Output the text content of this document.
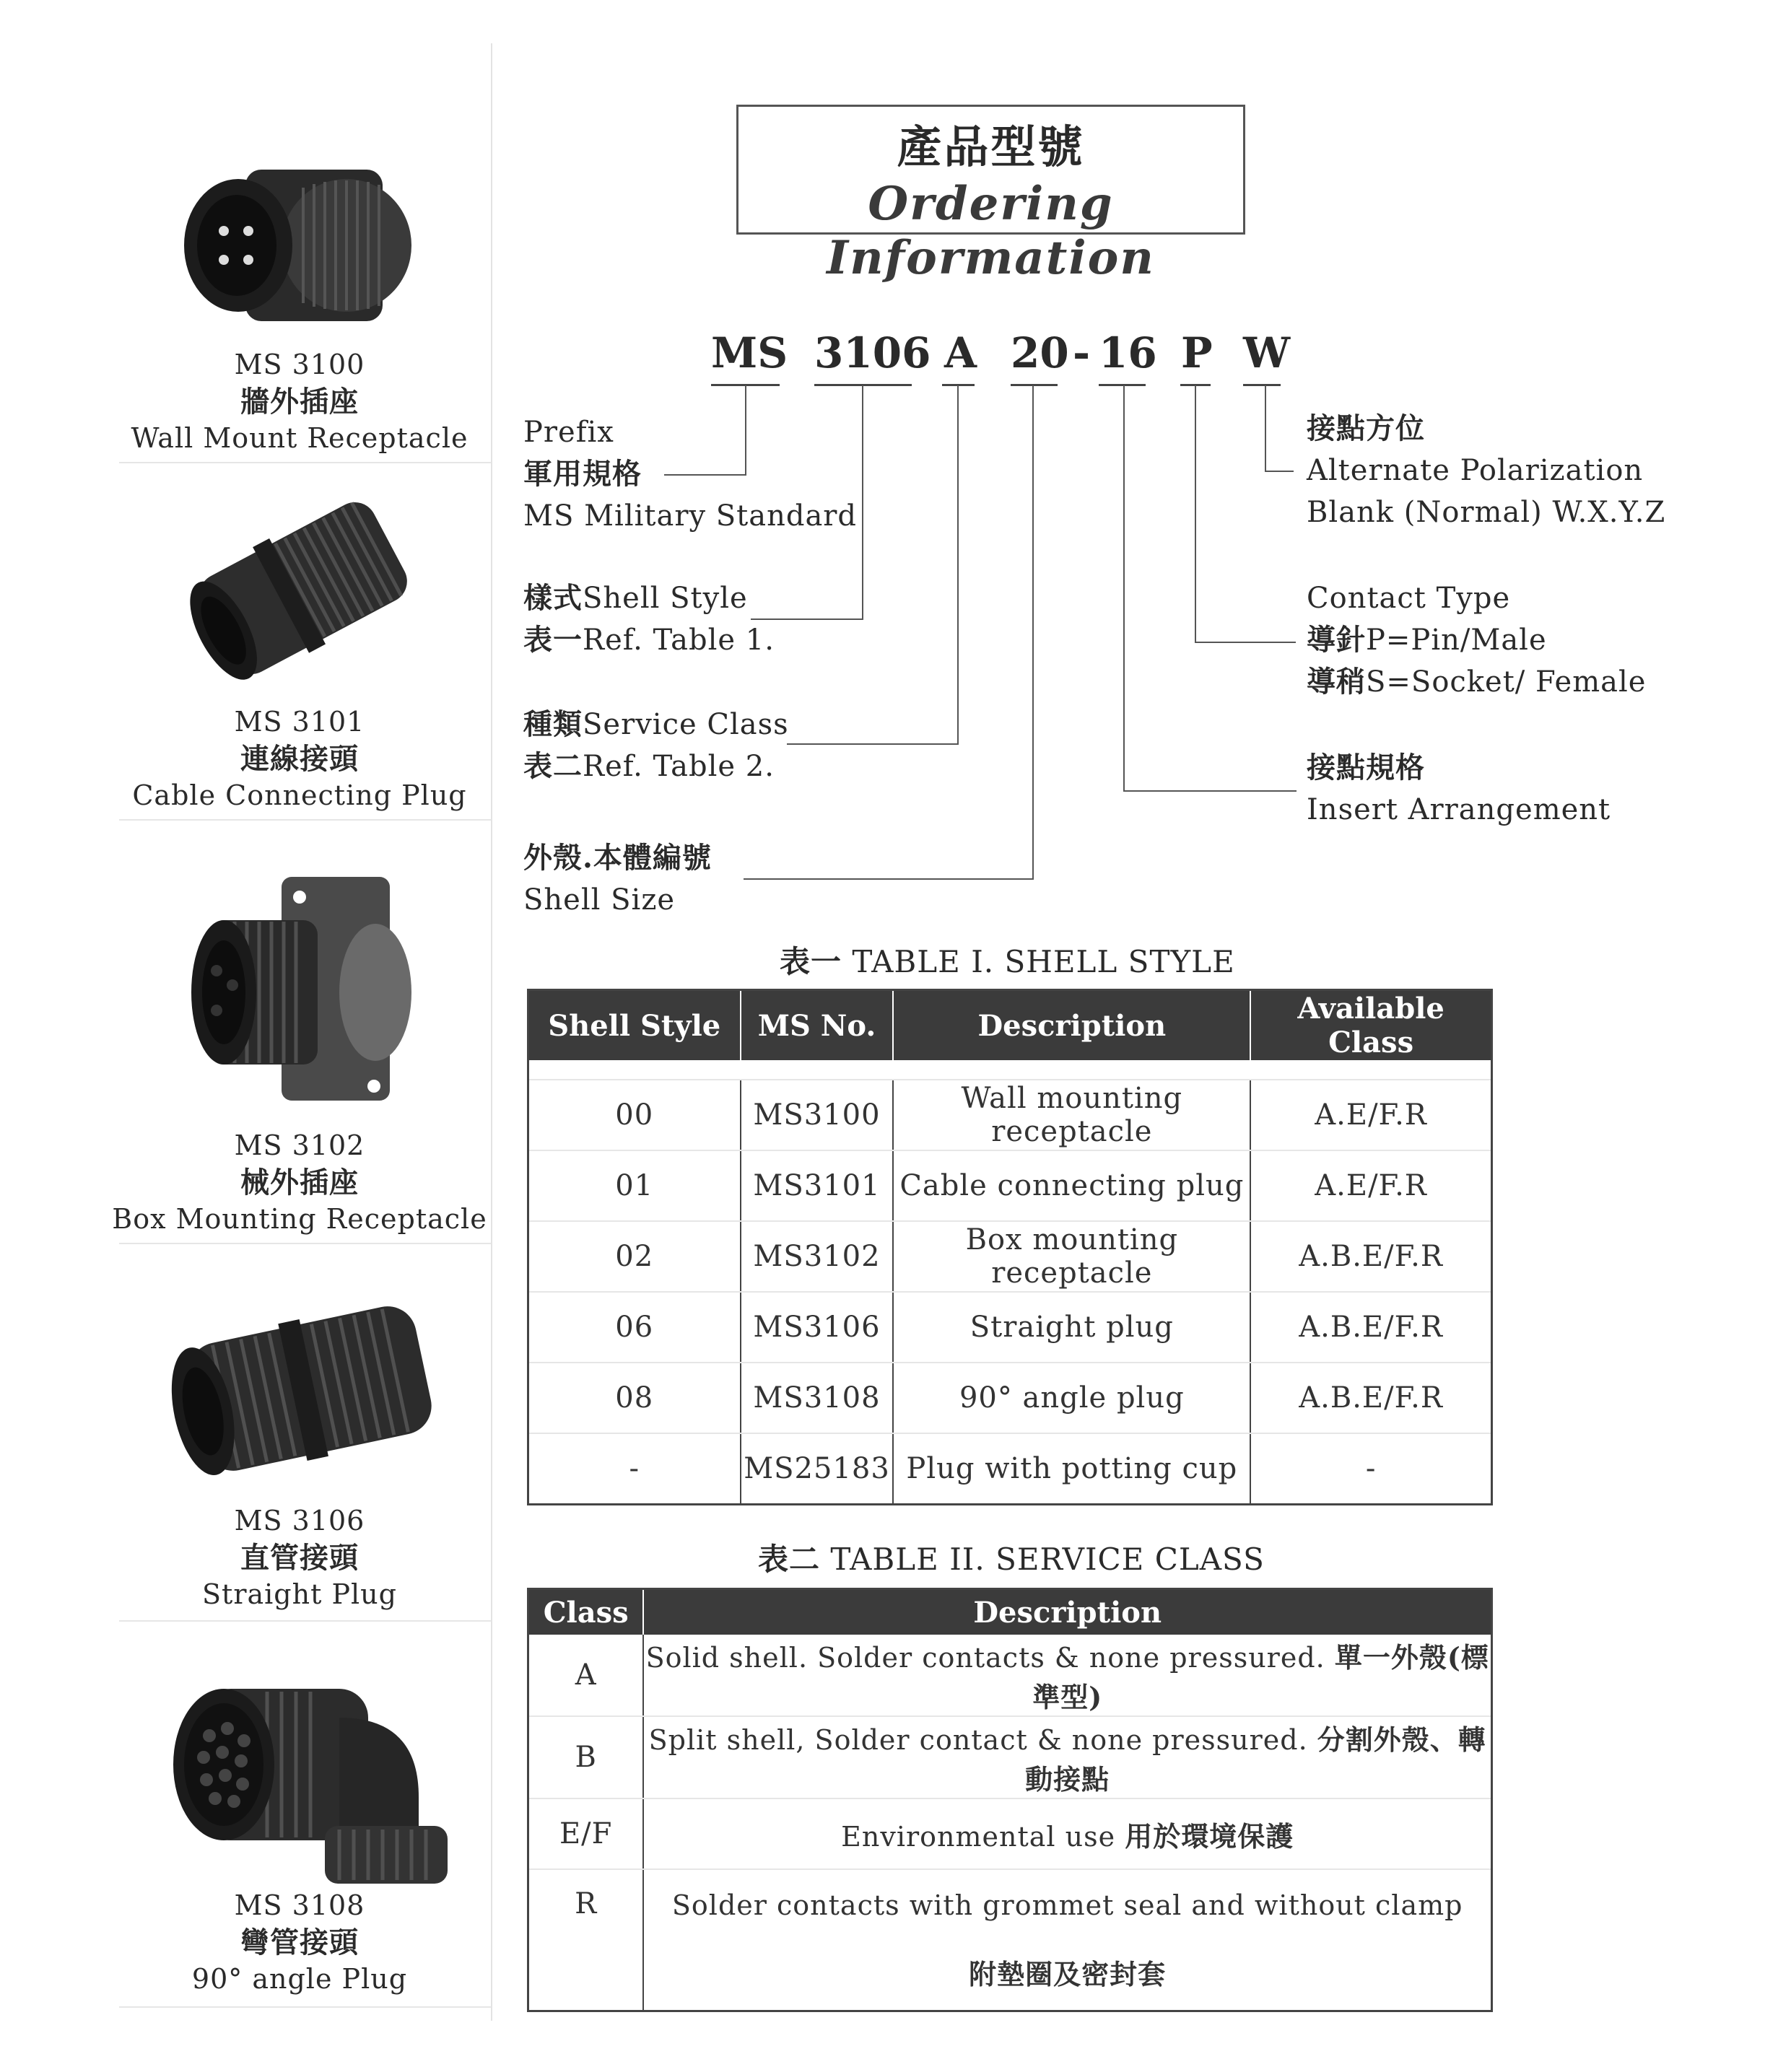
MS 3100
牆外插座
Wall Mount Receptacle
MS 3101
連線接頭
Cable Connecting Plug
MS 3102
械外插座
Box Mounting Receptacle
MS 3106
直管接頭
Straight Plug
MS 3108
彎管接頭
90° angle Plug
產品型號
Ordering Information
MS 3106 A 20 - 16 P W
Prefix
軍用規格
MS Military Standard
樣式Shell Style
表一Ref. Table 1.
種類Service Class
表二Ref. Table 2.
外殼.本體編號
Shell Size
接點方位
Alternate Polarization
Blank (Normal) W.X.Y.Z
Contact Type
導針P=Pin/Male
導稍S=Socket/ Female
接點規格
Insert Arrangement
表一 TABLE I. SHELL STYLE
Shell Style	MS No.	Description	Available Class

00	MS3100	Wall mounting receptacle	A.E/F.R
01	MS3101	Cable connecting plug	A.E/F.R
02	MS3102	Box mounting receptacle	A.B.E/F.R
06	MS3106	Straight plug	A.B.E/F.R
08	MS3108	90° angle plug	A.B.E/F.R
-	MS25183	Plug with potting cup	-
表二 TABLE II. SERVICE CLASS
Class	Description
A	Solid shell. Solder contacts & none pressured. 單一外殼(標準型)
B	Split shell, Solder contact & none pressured. 分割外殼、轉動接點
E/F	Environmental use 用於環境保護
R	Solder contacts with grommet seal and without clamp
附墊圈及密封套
